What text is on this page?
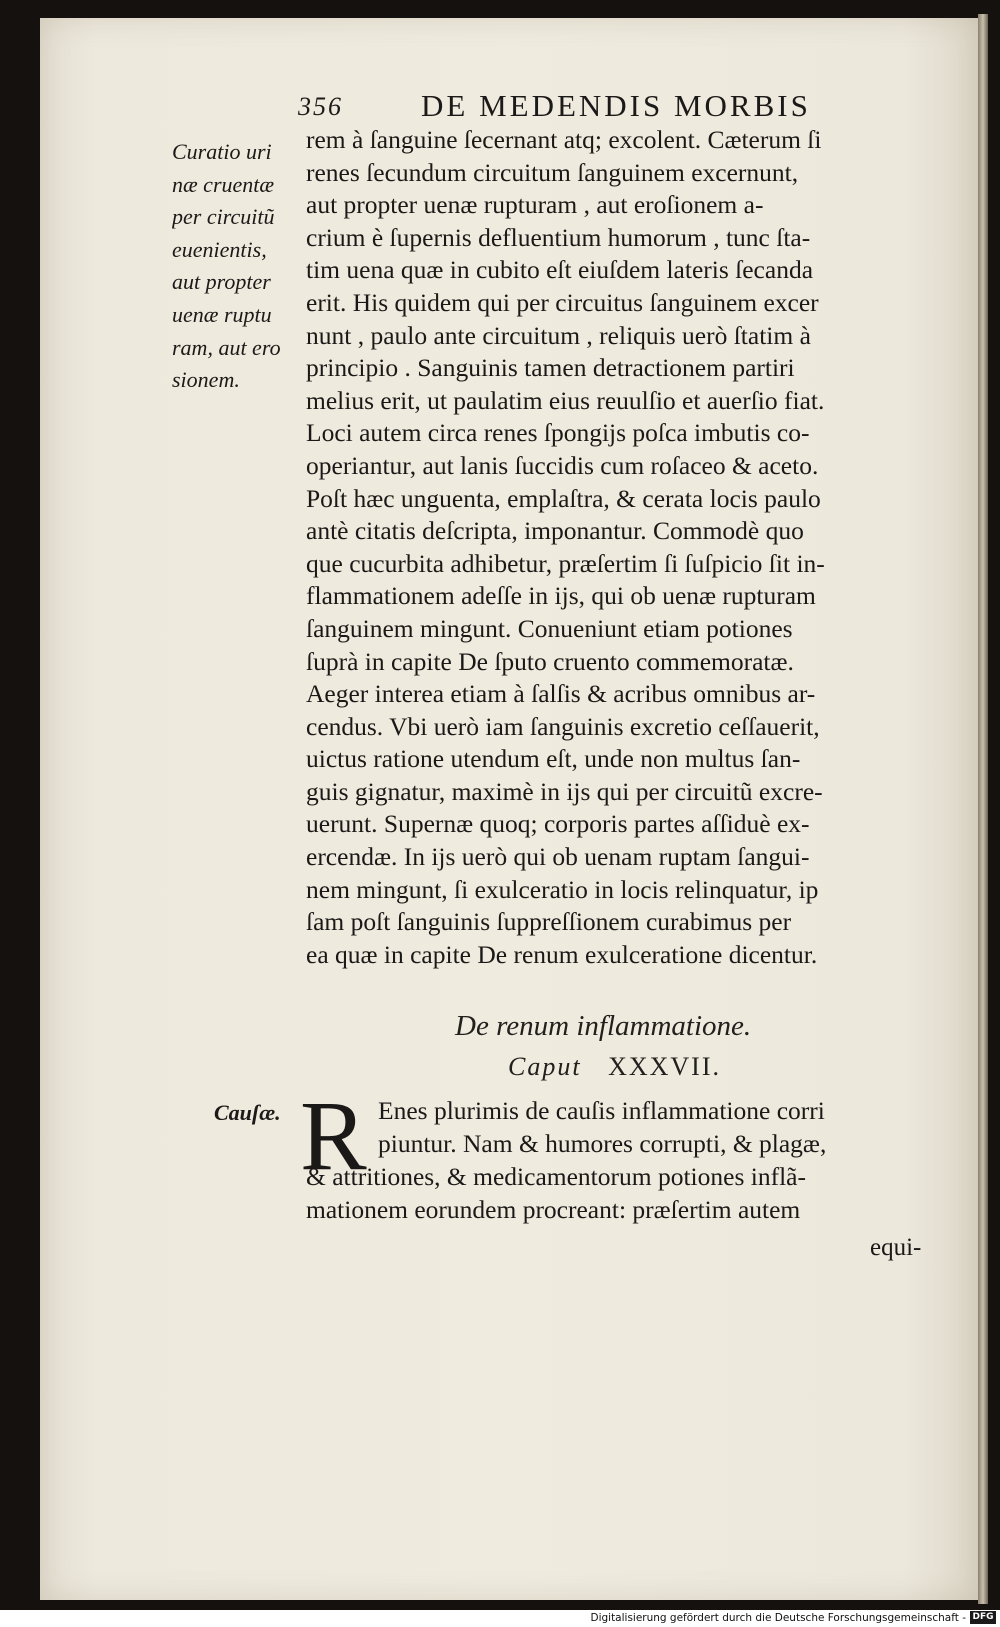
356	DE MEDENDIS MORBIS
Curatio uri
næ cruentæ
per circuitũ
euenientis,
aut propter
uenæ ruptu
ram, aut ero
sionem.
rem à ſanguine ſecernant atq; excolent. Cæterum ſi
renes ſecundum circuitum ſanguinem excernunt,
aut propter uenæ rupturam , aut eroſionem a-
crium è ſupernis defluentium humorum , tunc ſta-
tim uena quæ in cubito eſt eiuſdem lateris ſecanda
erit. His quidem qui per circuitus ſanguinem excer
nunt , paulo ante circuitum , reliquis uerò ſtatim à
principio . Sanguinis tamen detractionem partiri
melius erit, ut paulatim eius reuulſio et auerſio fiat.
Loci autem circa renes ſpongijs poſca imbutis co-
operiantur, aut lanis ſuccidis cum roſaceo & aceto.
Poſt hæc unguenta, emplaſtra, & cerata locis paulo
antè citatis deſcripta, imponantur. Commodè quo
que cucurbita adhibetur, præſertim ſi ſuſpicio ſit in-
flammationem adeſſe in ijs, qui ob uenæ rupturam
ſanguinem mingunt. Conueniunt etiam potiones
ſuprà in capite De ſputo cruento commemoratæ.
Aeger interea etiam à ſalſis & acribus omnibus ar-
cendus. Vbi uerò iam ſanguinis excretio ceſſauerit,
uictus ratione utendum eſt, unde non multus ſan-
guis gignatur, maximè in ijs qui per circuitũ excre-
uerunt. Supernæ quoq; corporis partes aſſiduè ex-
ercendæ. In ijs uerò qui ob uenam ruptam ſangui-
nem mingunt, ſi exulceratio in locis relinquatur, ip
ſam poſt ſanguinis ſuppreſſionem curabimus per
ea quæ in capite De renum exulceratione dicentur.
De renum inflammatione.
Caput XXXVII.
Cauſæ. R Enes plurimis de cauſis inflammatione corri
piuntur. Nam & humores corrupti, & plagæ,
& attritiones, & medicamentorum potiones inflã-
mationem eorundem procreant: præſertim autem
equi-
Digitalisierung gefördert durch die Deutsche Forschungsgemeinschaft - DFG
